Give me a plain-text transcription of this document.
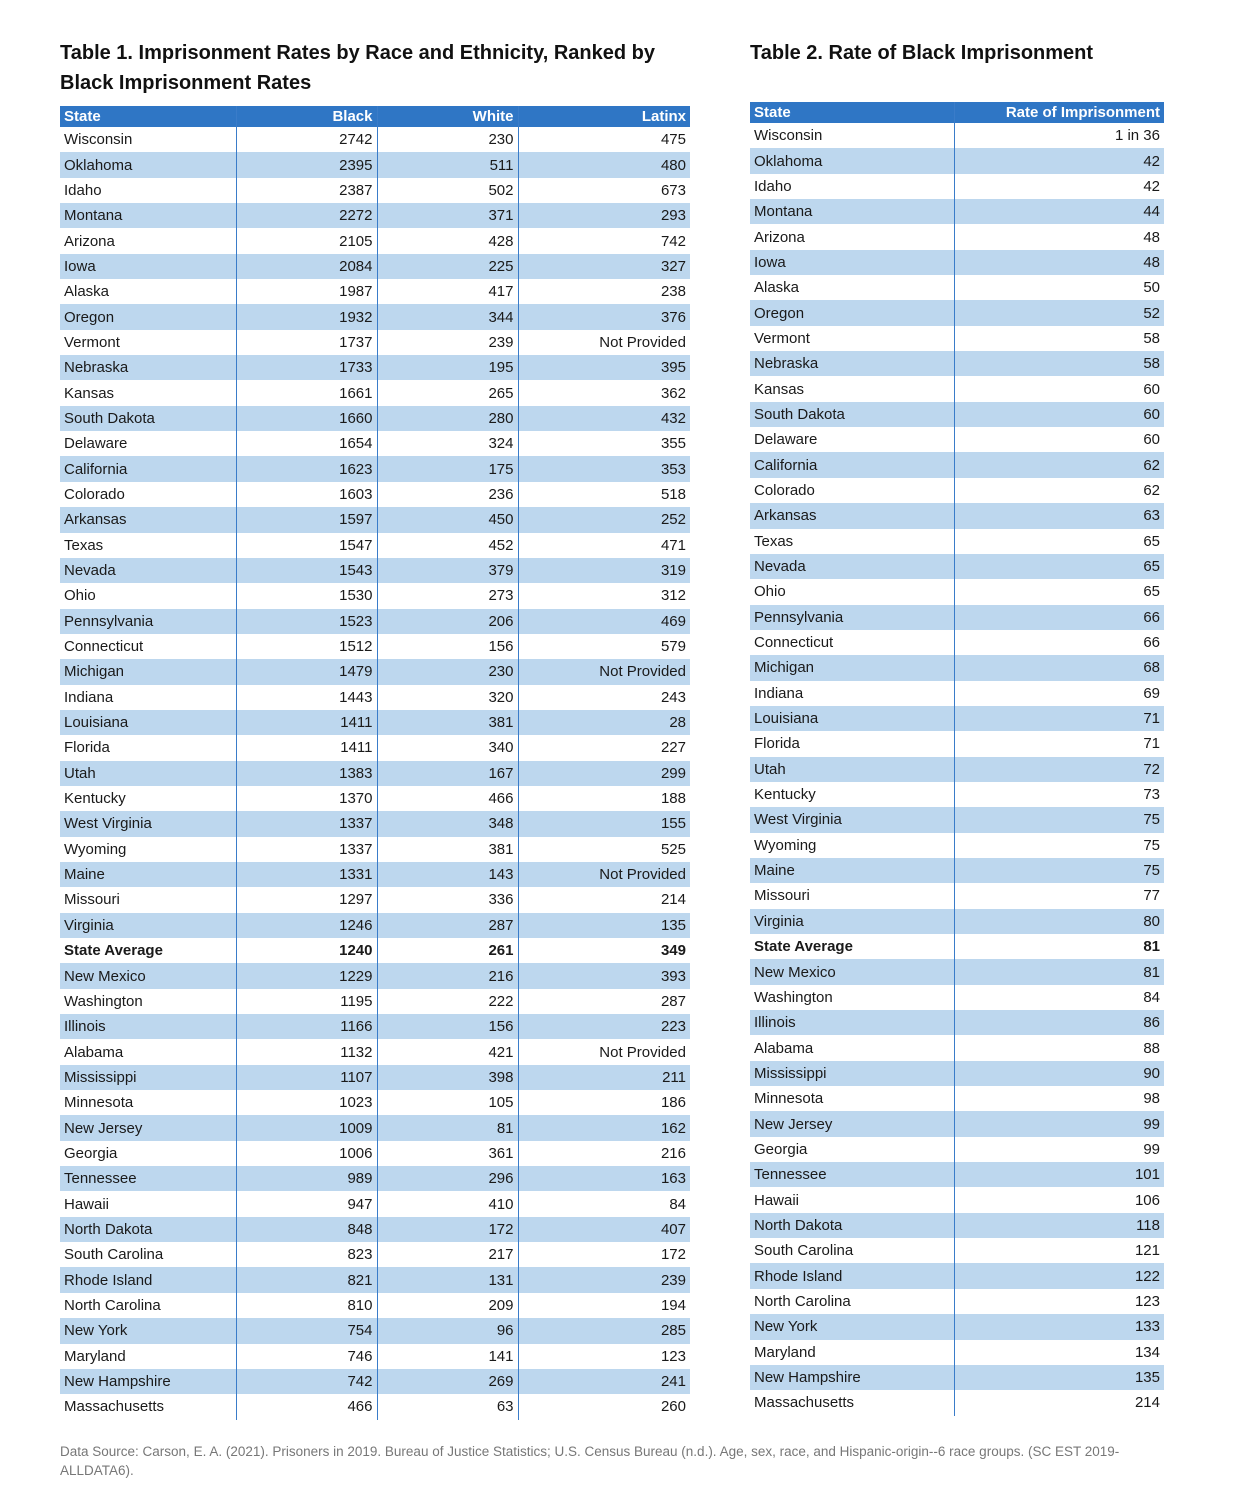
Table 1. Imprisonment Rates by Race and Ethnicity, Ranked by Black Imprisonment Rates
Table 2. Rate of Black Imprisonment
State	Black	White	Latinx
Wisconsin	2742	230	475
Oklahoma	2395	511	480
Idaho	2387	502	673
Montana	2272	371	293
Arizona	2105	428	742
Iowa	2084	225	327
Alaska	1987	417	238
Oregon	1932	344	376
Vermont	1737	239	Not Provided
Nebraska	1733	195	395
Kansas	1661	265	362
South Dakota	1660	280	432
Delaware	1654	324	355
California	1623	175	353
Colorado	1603	236	518
Arkansas	1597	450	252
Texas	1547	452	471
Nevada	1543	379	319
Ohio	1530	273	312
Pennsylvania	1523	206	469
Connecticut	1512	156	579
Michigan	1479	230	Not Provided
Indiana	1443	320	243
Louisiana	1411	381	28
Florida	1411	340	227
Utah	1383	167	299
Kentucky	1370	466	188
West Virginia	1337	348	155
Wyoming	1337	381	525
Maine	1331	143	Not Provided
Missouri	1297	336	214
Virginia	1246	287	135
State Average	1240	261	349
New Mexico	1229	216	393
Washington	1195	222	287
Illinois	1166	156	223
Alabama	1132	421	Not Provided
Mississippi	1107	398	211
Minnesota	1023	105	186
New Jersey	1009	81	162
Georgia	1006	361	216
Tennessee	989	296	163
Hawaii	947	410	84
North Dakota	848	172	407
South Carolina	823	217	172
Rhode Island	821	131	239
North Carolina	810	209	194
New York	754	96	285
Maryland	746	141	123
New Hampshire	742	269	241
Massachusetts	466	63	260
State	Rate of Imprisonment
Wisconsin	1 in 36
Oklahoma	42
Idaho	42
Montana	44
Arizona	48
Iowa	48
Alaska	50
Oregon	52
Vermont	58
Nebraska	58
Kansas	60
South Dakota	60
Delaware	60
California	62
Colorado	62
Arkansas	63
Texas	65
Nevada	65
Ohio	65
Pennsylvania	66
Connecticut	66
Michigan	68
Indiana	69
Louisiana	71
Florida	71
Utah	72
Kentucky	73
West Virginia	75
Wyoming	75
Maine	75
Missouri	77
Virginia	80
State Average	81
New Mexico	81
Washington	84
Illinois	86
Alabama	88
Mississippi	90
Minnesota	98
New Jersey	99
Georgia	99
Tennessee	101
Hawaii	106
North Dakota	118
South Carolina	121
Rhode Island	122
North Carolina	123
New York	133
Maryland	134
New Hampshire	135
Massachusetts	214
Data Source: Carson, E. A. (2021). Prisoners in 2019. Bureau of Justice Statistics; U.S. Census Bureau (n.d.). Age, sex, race, and Hispanic-origin--6 race groups. (SC EST 2019-ALLDATA6).
